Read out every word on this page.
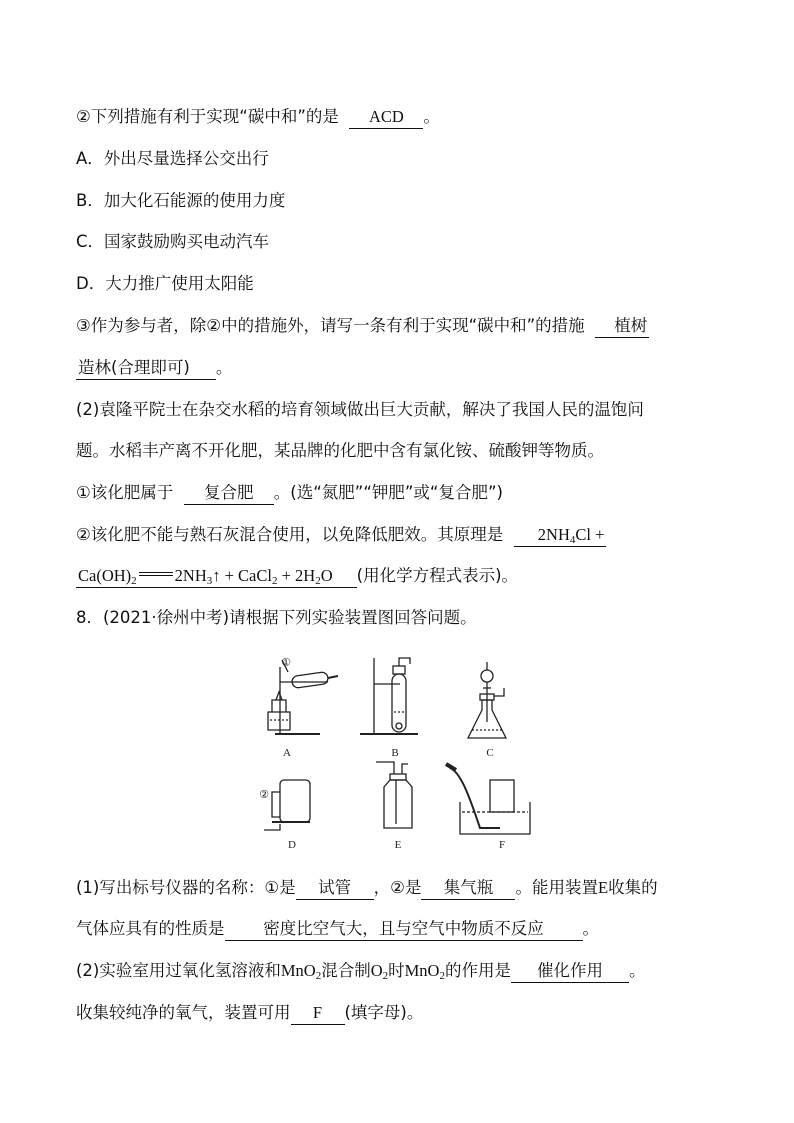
②下列措施有利于实现“碳中和”的是 ACD 。
A．外出尽量选择公交出行
B．加大化石能源的使用力度
C．国家鼓励购买电动汽车
D．大力推广使用太阳能
③作为参与者，除②中的措施外，请写一条有利于实现“碳中和”的措施 植树
造林(合理即可) 。
(2)袁隆平院士在杂交水稻的培育领域做出巨大贡献，解决了我国人民的温饱问
题。水稻丰产离不开化肥，某品牌的化肥中含有氯化铵、硫酸钾等物质。
①该化肥属于 复合肥 。(选“氮肥”“钾肥”或“复合肥”)
②该化肥不能与熟石灰混合使用，以免降低肥效。其原理是 $2NH_4Cl$ +
$Ca(OH)_2$ $2NH_3↑$ + CaCl$_2$ + $2H_2O$ (用化学方程式表示)。
8．(2021·徐州中考)请根据下列实验装置图回答问题。
A	B	C
D	E	F
①
②
(1)写出标号仪器的名称：①是 试管 ，②是 集气瓶 。能用装置E收集的
气体应具有的性质是 密度比空气大，且与空气中物质不反应 。
(2)实验室用过氧化氢溶液和MnO$_2$混合制$O_2$时MnO$_2$的作用是 催化作用 。
收集较纯净的氧气，装置可用 F (填字母)。
